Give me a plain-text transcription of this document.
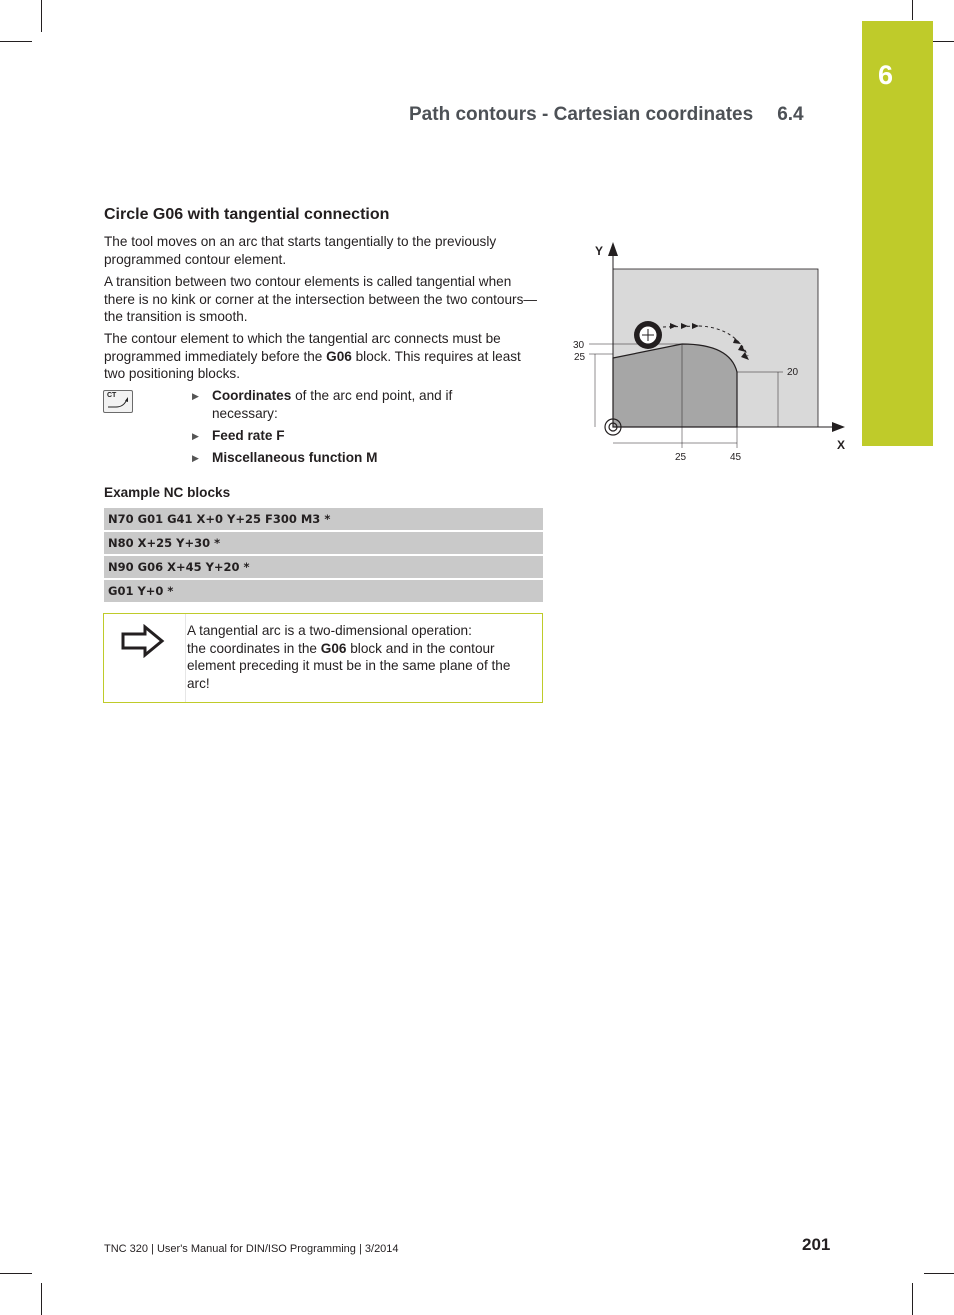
6
Path contours - Cartesian coordinates 6.4
Circle G06 with tangential connection
The tool moves on an arc that starts tangentially to the previously programmed contour element.
A transition between two contour elements is called tangential when there is no kink or corner at the intersection between the two contours—the transition is smooth.
The contour element to which the tangential arc connects must be programmed immediately before the G06 block. This requires at least two positioning blocks.
CT	▶ Coordinates of the arc end point, and if necessary:
▶ Feed rate F
▶ Miscellaneous function M
Example NC blocks
N70 G01 G41 X+0 Y+25 F300 M3 *
N80 X+25 Y+30 *
N90 G06 X+45 Y+20 *
G01 Y+0 *
A tangential arc is a two-dimensional operation:
the coordinates in the G06 block and in the contour element preceding it must be in the same plane of the arc!
Y
X
30
25
20
25	45
TNC 320 | User's Manual for DIN/ISO Programming | 3/2014	201
